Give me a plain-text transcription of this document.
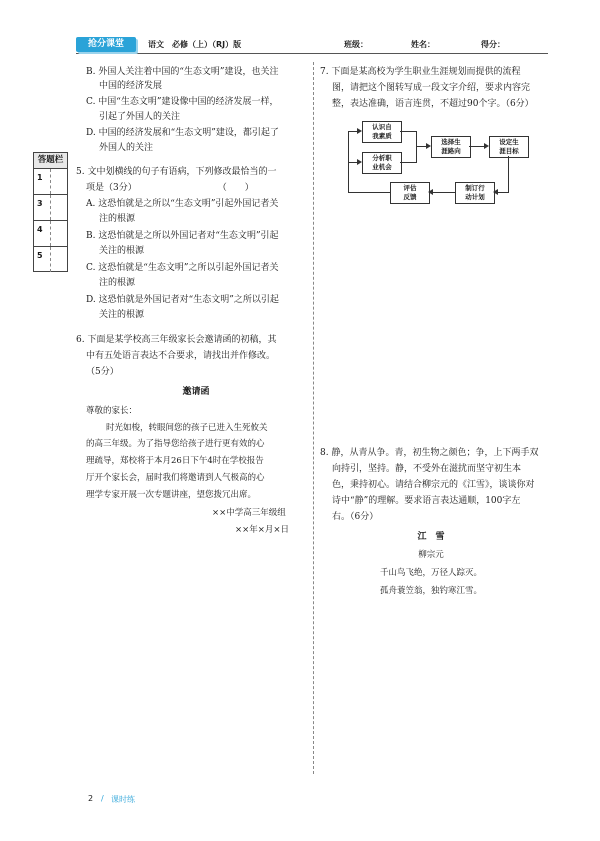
抢分课堂	语文　必修（上）（RJ）版	班级：	姓名：	得分：
答题栏
1
3
4
5
B. 外国人关注着中国的“生态文明”建设，也关注
中国的经济发展
C. 中国“生态文明”建设像中国的经济发展一样，
引起了外国人的关注
D. 中国的经济发展和“生态文明”建设，都引起了
外国人的关注
5. 文中划横线的句子有语病，下列修改最恰当的一
项是（3分）　　　　　　　　　　（　　）
A. 这恐怕就是之所以“生态文明”引起外国记者关
注的根源
B. 这恐怕就是之所以外国记者对“生态文明”引起
关注的根源
C. 这恐怕就是“生态文明”之所以引起外国记者关
注的根源
D. 这恐怕就是外国记者对“生态文明”之所以引起
关注的根源
6. 下面是某学校高三年级家长会邀请函的初稿，其
中有五处语言表达不合要求，请找出并作修改。
（5分）
邀请函
尊敬的家长：
时光如梭，转眼间您的孩子已进入生死攸关
的高三年级。为了指导您给孩子进行更有效的心
理疏导，郑校将于本月26日下午4时在学校报告
厅开个家长会，届时我们将邀请到人气极高的心
理学专家开展一次专题讲座，望您拨冗出席。
××中学高三年级组
××年×月×日
7. 下面是某高校为学生职业生涯规划而提供的流程
图，请把这个图转写成一段文字介绍，要求内容完
整，表达准确，语言连贯，不超过90个字。（6分）
认识自
我素质
分析职
业机会
选择生
涯路向
设定生
涯目标
评估
反馈
制订行
动计划
8. 静，从青从争。青，初生物之颜色；争，上下两手双
向持引，坚持。静，不受外在滋扰而坚守初生本
色，秉持初心。请结合柳宗元的《江雪》，谈谈你对
诗中“静”的理解。要求语言表达通顺，100字左
右。（6分）
江　雪
柳宗元
千山鸟飞绝，万径人踪灭。
孤舟蓑笠翁，独钓寒江雪。
2 / 课时练
